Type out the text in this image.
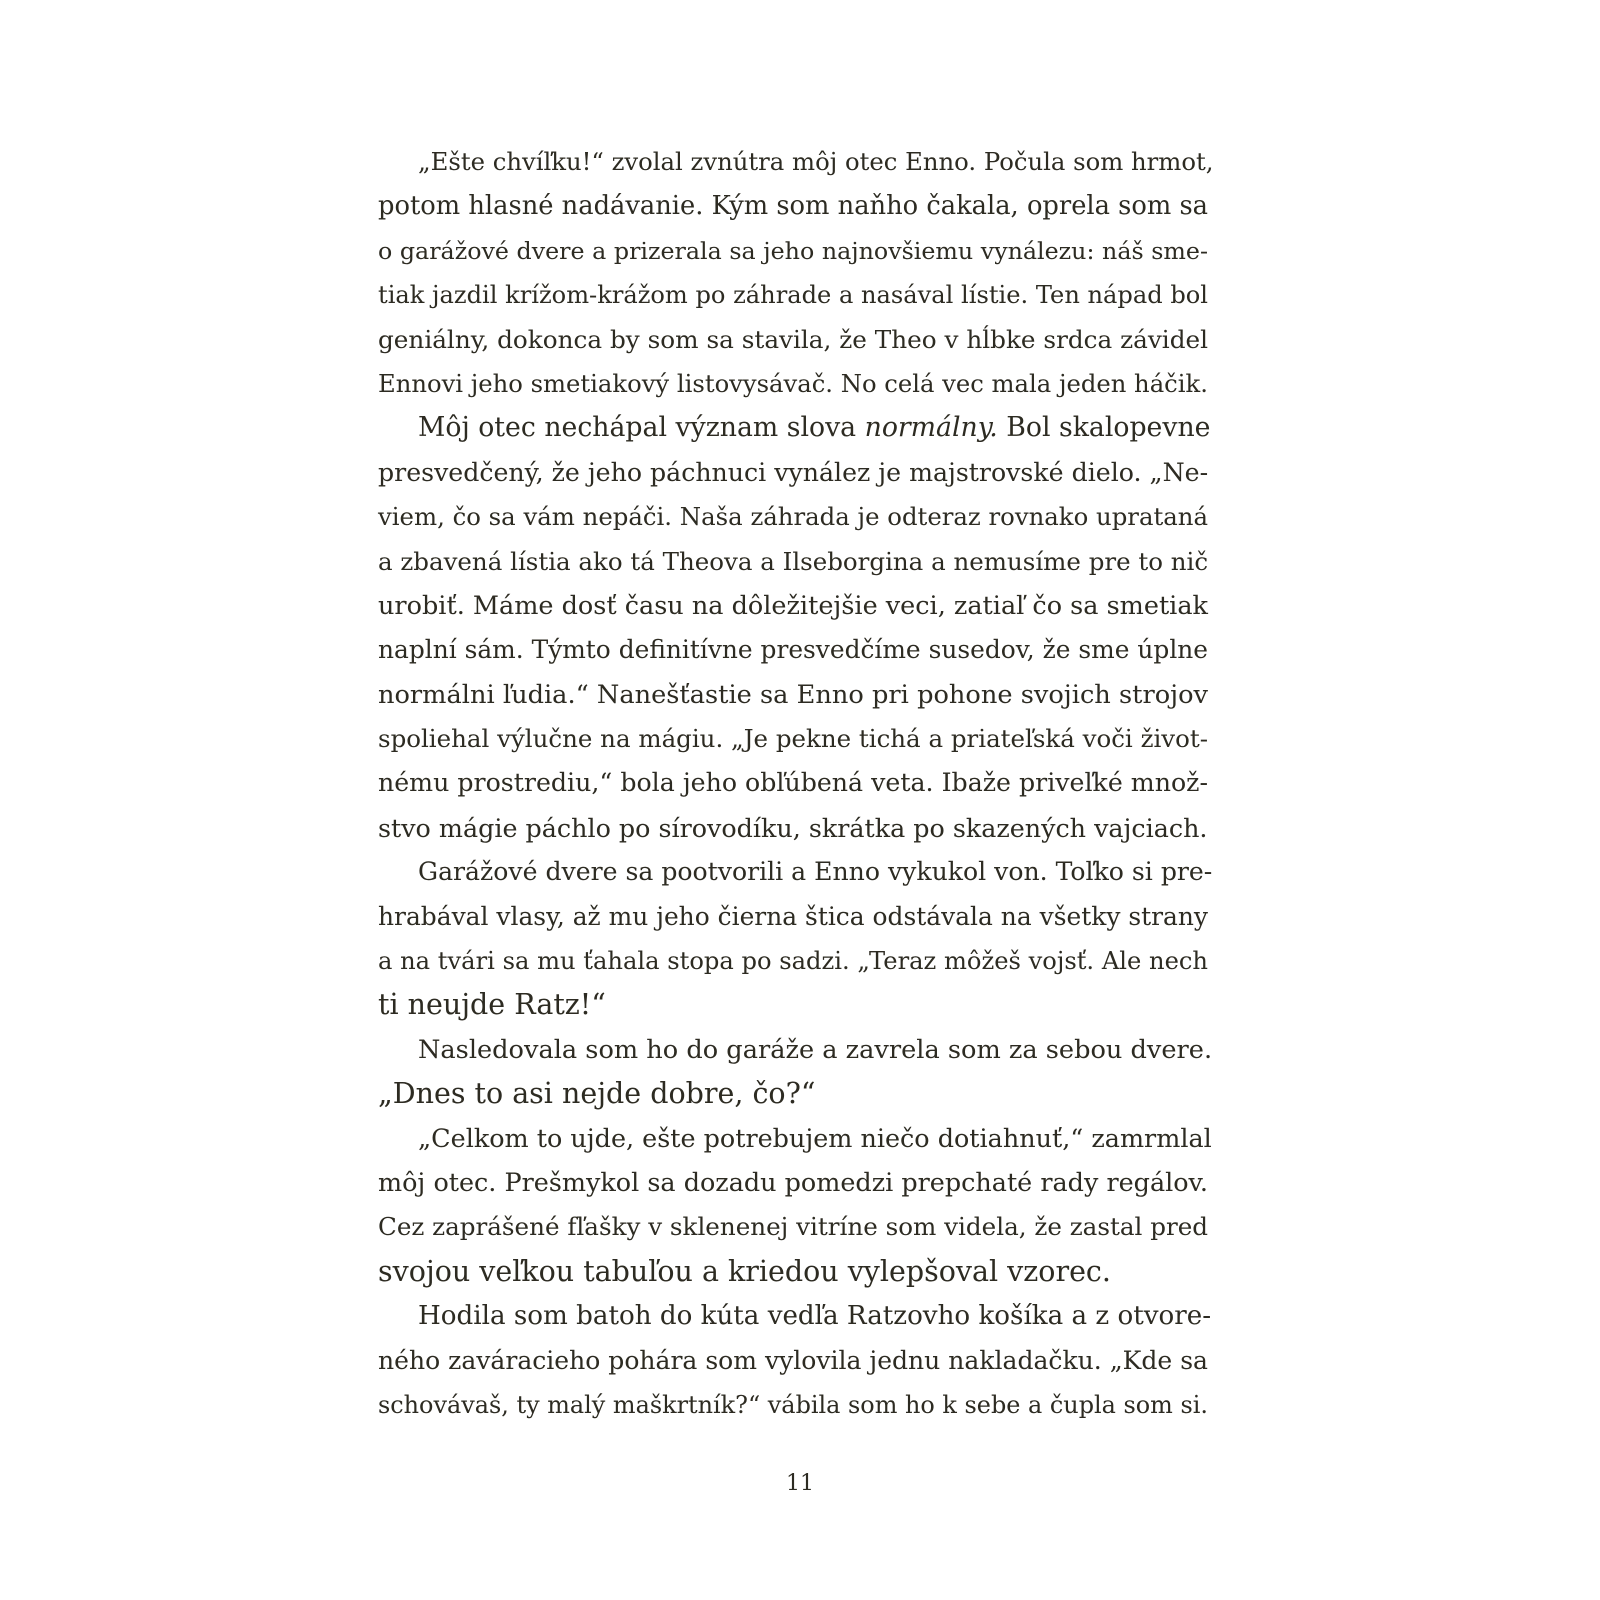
„Ešte chvíľku!“ zvolal zvnútra môj otec Enno. Počula som hrmot,
potom hlasné nadávanie. Kým som naňho čakala, oprela som sa
o garážové dvere a prizerala sa jeho najnovšiemu vynálezu: náš sme-
tiak jazdil krížom-krážom po záhrade a nasával lístie. Ten nápad bol
geniálny, dokonca by som sa stavila, že Theo v hĺbke srdca závidel
Ennovi jeho smetiakový listovysávač. No celá vec mala jeden háčik.
Môj otec nechápal význam slova normálny. Bol skalopevne
presvedčený, že jeho páchnuci vynález je majstrovské dielo. „Ne-
viem, čo sa vám nepáči. Naša záhrada je odteraz rovnako uprataná
a zbavená lístia ako tá Theova a Ilseborgina a nemusíme pre to nič
urobiť. Máme dosť času na dôležitejšie veci, zatiaľ čo sa smetiak
naplní sám. Týmto definitívne presvedčíme susedov, že sme úplne
normálni ľudia.“ Nanešťastie sa Enno pri pohone svojich strojov
spoliehal výlučne na mágiu. „Je pekne tichá a priateľská voči život-
nému prostrediu,“ bola jeho obľúbená veta. Ibaže priveľké množ-
stvo mágie páchlo po sírovodíku, skrátka po skazených vajciach.
Garážové dvere sa pootvorili a Enno vykukol von. Toľko si pre-
hrabával vlasy, až mu jeho čierna štica odstávala na všetky strany
a na tvári sa mu ťahala stopa po sadzi. „Teraz môžeš vojsť. Ale nech
ti neujde Ratz!“
Nasledovala som ho do garáže a zavrela som za sebou dvere.
„Dnes to asi nejde dobre, čo?“
„Celkom to ujde, ešte potrebujem niečo dotiahnuť,“ zamrmlal
môj otec. Prešmykol sa dozadu pomedzi prepchaté rady regálov.
Cez zaprášené fľašky v sklenenej vitríne som videla, že zastal pred
svojou veľkou tabuľou a kriedou vylepšoval vzorec.
Hodila som batoh do kúta vedľa Ratzovho košíka a z otvore-
ného zaváracieho pohára som vylovila jednu nakladačku. „Kde sa
schovávaš, ty malý maškrtník?“ vábila som ho k sebe a čupla som si.
11
